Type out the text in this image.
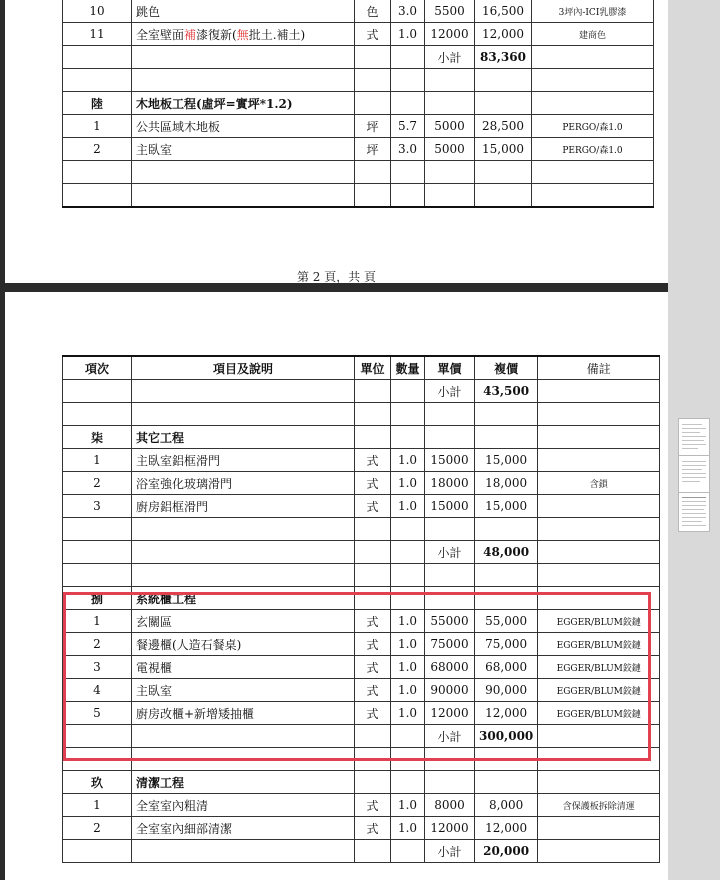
10	跳色	色	3.0	5500	16,500	3坪內-ICI乳膠漆
11	全室壁面補漆復新(無批土.補土)	式	1.0	12000	12,000	建商色
				小計	83,360	

陸	木地板工程(虛坪=實坪*1.2)					
1	公共區域木地板	坪	5.7	5000	28,500	PERGO/森1.0
2	主臥室	坪	3.0	5000	15,000	PERGO/森1.0

第 2 頁，共 頁
項次	項目及說明	單位	數量	單價	複價	備註
				小計	43,500	

柒	其它工程					
1	主臥室鋁框滑門	式	1.0	15000	15,000	
2	浴室強化玻璃滑門	式	1.0	18000	18,000	含鎖
3	廚房鋁框滑門	式	1.0	15000	15,000	

				小計	48,000	

捌	系統櫃工程					
1	玄關區	式	1.0	55000	55,000	EGGER/BLUM鉸鏈
2	餐邊櫃(人造石餐桌)	式	1.0	75000	75,000	EGGER/BLUM鉸鏈
3	電視櫃	式	1.0	68000	68,000	EGGER/BLUM鉸鏈
4	主臥室	式	1.0	90000	90,000	EGGER/BLUM鉸鏈
5	廚房改櫃+新增矮抽櫃	式	1.0	12000	12,000	EGGER/BLUM鉸鏈
				小計	300,000	

玖	清潔工程					
1	全室室內粗清	式	1.0	8000	8,000	含保護板拆除清運
2	全室室內細部清潔	式	1.0	12000	12,000	
				小計	20,000	
